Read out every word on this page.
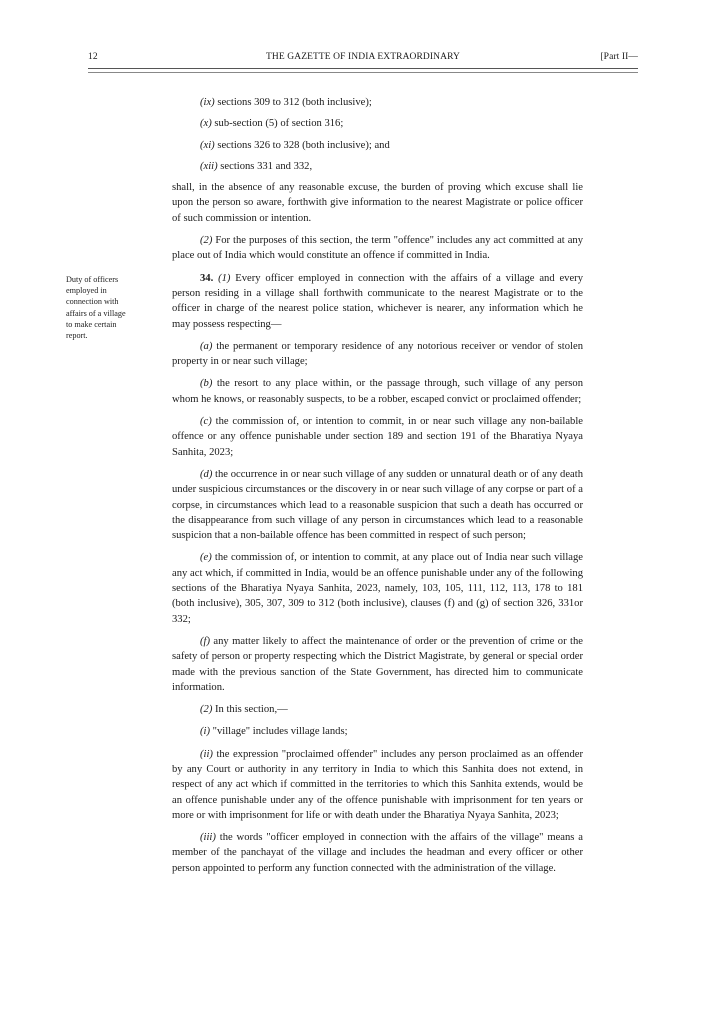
12	THE GAZETTE OF INDIA EXTRAORDINARY	[Part II—
Duty of officers employed in connection with affairs of a village to make certain report.

(ix) sections 309 to 312 (both inclusive);

(x) sub-section (5) of section 316;

(xi) sections 326 to 328 (both inclusive); and

(xii) sections 331 and 332,

shall, in the absence of any reasonable excuse, the burden of proving which excuse shall lie upon the person so aware, forthwith give information to the nearest Magistrate or police officer of such commission or intention.

(2) For the purposes of this section, the term "offence" includes any act committed at any place out of India which would constitute an offence if committed in India.

34. (1) Every officer employed in connection with the affairs of a village and every person residing in a village shall forthwith communicate to the nearest Magistrate or to the officer in charge of the nearest police station, whichever is nearer, any information which he may possess respecting—

(a) the permanent or temporary residence of any notorious receiver or vendor of stolen property in or near such village;

(b) the resort to any place within, or the passage through, such village of any person whom he knows, or reasonably suspects, to be a robber, escaped convict or proclaimed offender;

(c) the commission of, or intention to commit, in or near such village any non-bailable offence or any offence punishable under section 189 and section 191 of the Bharatiya Nyaya Sanhita, 2023;

(d) the occurrence in or near such village of any sudden or unnatural death or of any death under suspicious circumstances or the discovery in or near such village of any corpse or part of a corpse, in circumstances which lead to a reasonable suspicion that such a death has occurred or the disappearance from such village of any person in circumstances which lead to a reasonable suspicion that a non-bailable offence has been committed in respect of such person;

(e) the commission of, or intention to commit, at any place out of India near such village any act which, if committed in India, would be an offence punishable under any of the following sections of the Bharatiya Nyaya Sanhita, 2023, namely, 103, 105, 111, 112, 113, 178 to 181 (both inclusive), 305, 307, 309 to 312 (both inclusive), clauses (f) and (g) of section 326, 331or 332;

(f) any matter likely to affect the maintenance of order or the prevention of crime or the safety of person or property respecting which the District Magistrate, by general or special order made with the previous sanction of the State Government, has directed him to communicate information.

(2) In this section,—

(i) "village" includes village lands;

(ii) the expression "proclaimed offender" includes any person proclaimed as an offender by any Court or authority in any territory in India to which this Sanhita does not extend, in respect of any act which if committed in the territories to which this Sanhita extends, would be an offence punishable under any of the offence punishable with imprisonment for ten years or more or with imprisonment for life or with death under the Bharatiya Nyaya Sanhita, 2023;

(iii) the words "officer employed in connection with the affairs of the village" means a member of the panchayat of the village and includes the headman and every officer or other person appointed to perform any function connected with the administration of the village.
